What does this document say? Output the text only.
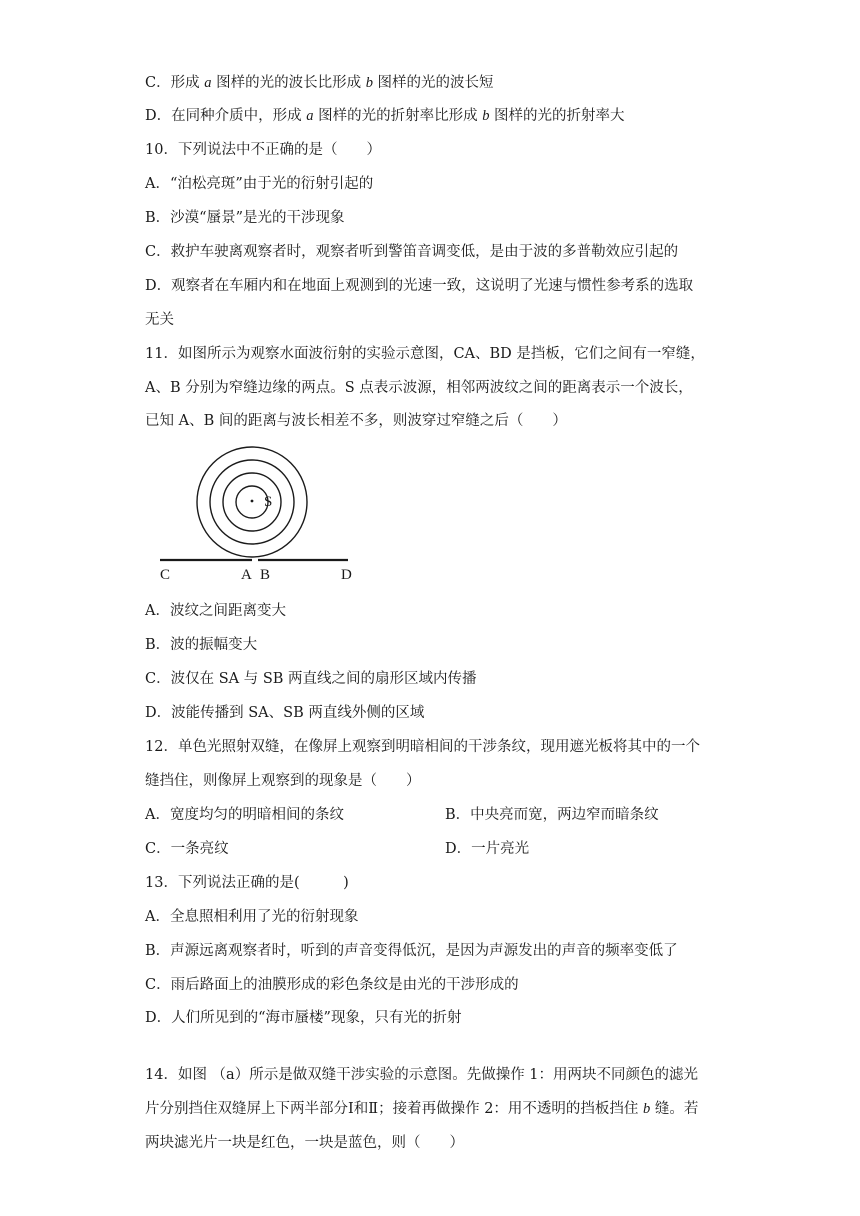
C．形成 a 图样的光的波长比形成 b 图样的光的波长短
D．在同种介质中，形成 a 图样的光的折射率比形成 b 图样的光的折射率大
10．下列说法中不正确的是（　　）
A．“泊松亮斑”由于光的衍射引起的
B．沙漠“蜃景”是光的干涉现象
C．救护车驶离观察者时，观察者听到警笛音调变低，是由于波的多普勒效应引起的
D．观察者在车厢内和在地面上观测到的光速一致，这说明了光速与惯性参考系的选取
无关
11．如图所示为观察水面波衍射的实验示意图，CA、BD 是挡板，它们之间有一窄缝，
A、B 分别为窄缝边缘的两点。S 点表示波源，相邻两波纹之间的距离表示一个波长，
已知 A、B 间的距离与波长相差不多，则波穿过窄缝之后（　　）
S
C	A B	D
A．波纹之间距离变大
B．波的振幅变大
C．波仅在 SA 与 SB 两直线之间的扇形区域内传播
D．波能传播到 SA、SB 两直线外侧的区域
12．单色光照射双缝，在像屏上观察到明暗相间的干涉条纹，现用遮光板将其中的一个
缝挡住，则像屏上观察到的现象是（　　）
A．宽度均匀的明暗相间的条纹	B．中央亮而宽，两边窄而暗条纹
C．一条亮纹	D．一片亮光
13．下列说法正确的是(　　　)
A．全息照相利用了光的衍射现象
B．声源远离观察者时，听到的声音变得低沉，是因为声源发出的声音的频率变低了
C．雨后路面上的油膜形成的彩色条纹是由光的干涉形成的
D．人们所见到的“海市蜃楼”现象，只有光的折射
14．如图 （a）所示是做双缝干涉实验的示意图。先做操作 1：用两块不同颜色的滤光
片分别挡住双缝屏上下两半部分Ⅰ和Ⅱ；接着再做操作 2：用不透明的挡板挡住 b 缝。若
两块滤光片一块是红色，一块是蓝色，则（　　）
